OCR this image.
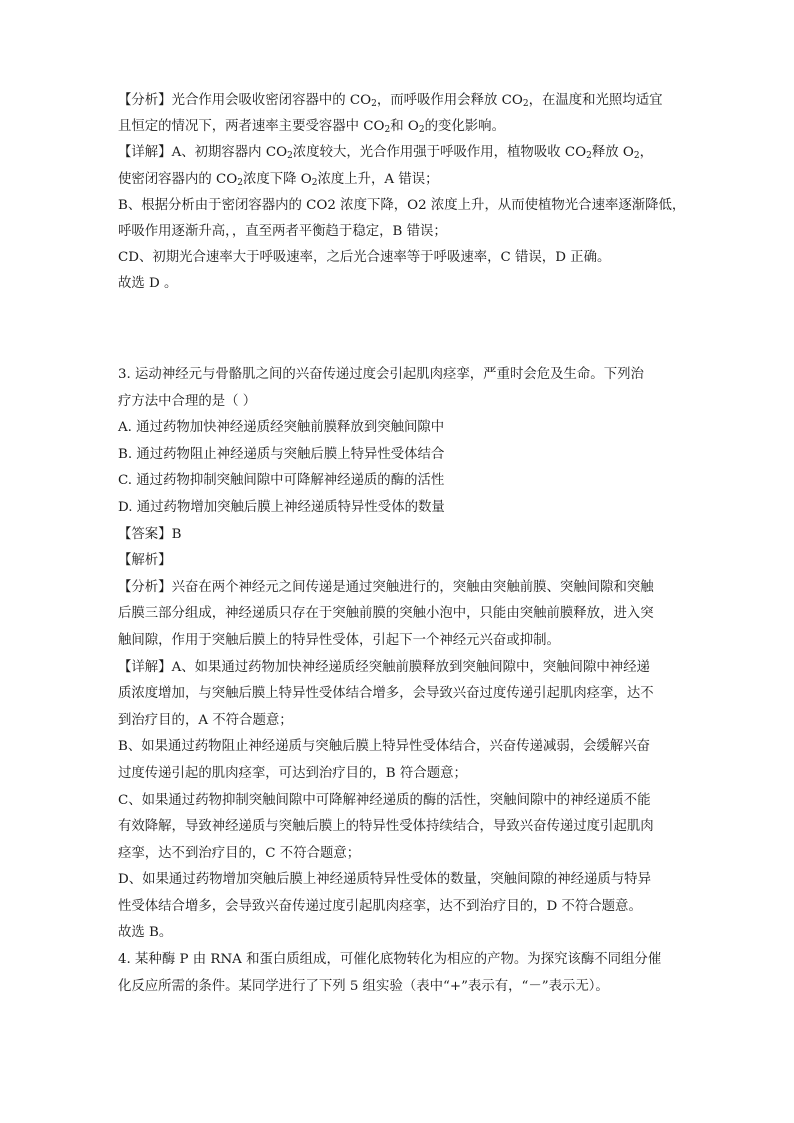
【分析】光合作用会吸收密闭容器中的 $CO_2$，而呼吸作用会释放 $CO_2$，在温度和光照均适宜
且恒定的情况下，两者速率主要受容器中 $CO_2$和 $O_2$的变化影响。
【详解】A、初期容器内 $CO_2$浓度较大，光合作用强于呼吸作用，植物吸收 $CO_2$释放 $O_2$，
使密闭容器内的 $CO_2$浓度下降 $O_2$浓度上升，A 错误；
B、根据分析由于密闭容器内的 CO2 浓度下降，O2 浓度上升，从而使植物光合速率逐渐降低，
呼吸作用逐渐升高，，直至两者平衡趋于稳定，B 错误；
CD、初期光合速率大于呼吸速率，之后光合速率等于呼吸速率，C 错误，D 正确。
故选 D 。
3. 运动神经元与骨骼肌之间的兴奋传递过度会引起肌肉痉挛，严重时会危及生命。下列治
疗方法中合理的是（ ）
A. 通过药物加快神经递质经突触前膜释放到突触间隙中
B. 通过药物阻止神经递质与突触后膜上特异性受体结合
C. 通过药物抑制突触间隙中可降解神经递质的酶的活性
D. 通过药物增加突触后膜上神经递质特异性受体的数量
【答案】B
【解析】
【分析】兴奋在两个神经元之间传递是通过突触进行的，突触由突触前膜、突触间隙和突触
后膜三部分组成，神经递质只存在于突触前膜的突触小泡中，只能由突触前膜释放，进入突
触间隙，作用于突触后膜上的特异性受体，引起下一个神经元兴奋或抑制。
【详解】A、如果通过药物加快神经递质经突触前膜释放到突触间隙中，突触间隙中神经递
质浓度增加，与突触后膜上特异性受体结合增多，会导致兴奋过度传递引起肌肉痉挛，达不
到治疗目的，A 不符合题意；
B、如果通过药物阻止神经递质与突触后膜上特异性受体结合，兴奋传递减弱，会缓解兴奋
过度传递引起的肌肉痉挛，可达到治疗目的，B 符合题意；
C、如果通过药物抑制突触间隙中可降解神经递质的酶的活性，突触间隙中的神经递质不能
有效降解，导致神经递质与突触后膜上的特异性受体持续结合，导致兴奋传递过度引起肌肉
痉挛，达不到治疗目的，C 不符合题意；
D、如果通过药物增加突触后膜上神经递质特异性受体的数量，突触间隙的神经递质与特异
性受体结合增多，会导致兴奋传递过度引起肌肉痉挛，达不到治疗目的，D 不符合题意。
故选 B。
4. 某种酶 P 由 RNA 和蛋白质组成，可催化底物转化为相应的产物。为探究该酶不同组分催
化反应所需的条件。某同学进行了下列 5 组实验（表中“+”表示有，“－”表示无）。
